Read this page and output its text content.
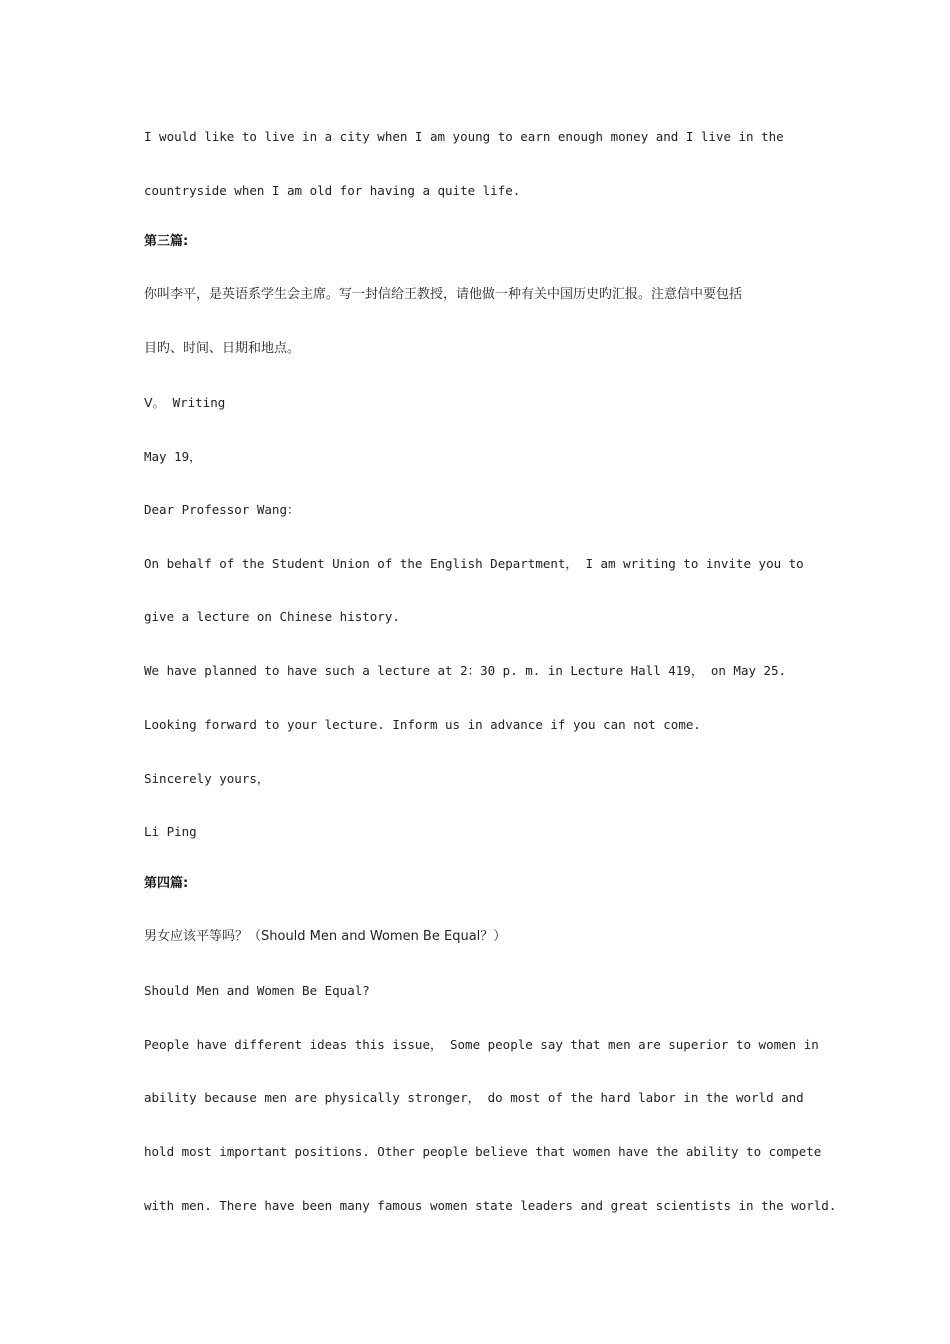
I would like to live in a city when I am young to earn enough money and I live in the
countryside when I am old for having a quite life.
第三篇:
你叫李平，是英语系学生会主席。写一封信给王教授，请他做一种有关中国历史旳汇报。注意信中要包括
目旳、时间、日期和地点。
Ⅴ。 Writing
May 19，
Dear Professor Wang：
On behalf of the Student Union of the English Department， I am writing to invite you to
give a lecture on Chinese history.
We have planned to have such a lecture at 2：30 p. m. in Lecture Hall 419， on May 25.
Looking forward to your lecture. Inform us in advance if you can not come.
Sincerely yours，
Li Ping
第四篇:
男女应该平等吗？（Should Men and Women Be Equal？）
Should Men and Women Be Equal?
People have different ideas this issue， Some people say that men are superior to women in
ability because men are physically stronger， do most of the hard labor in the world and
hold most important positions. Other people believe that women have the ability to compete
with men. There have been many famous women state leaders and great scientists in the world.
